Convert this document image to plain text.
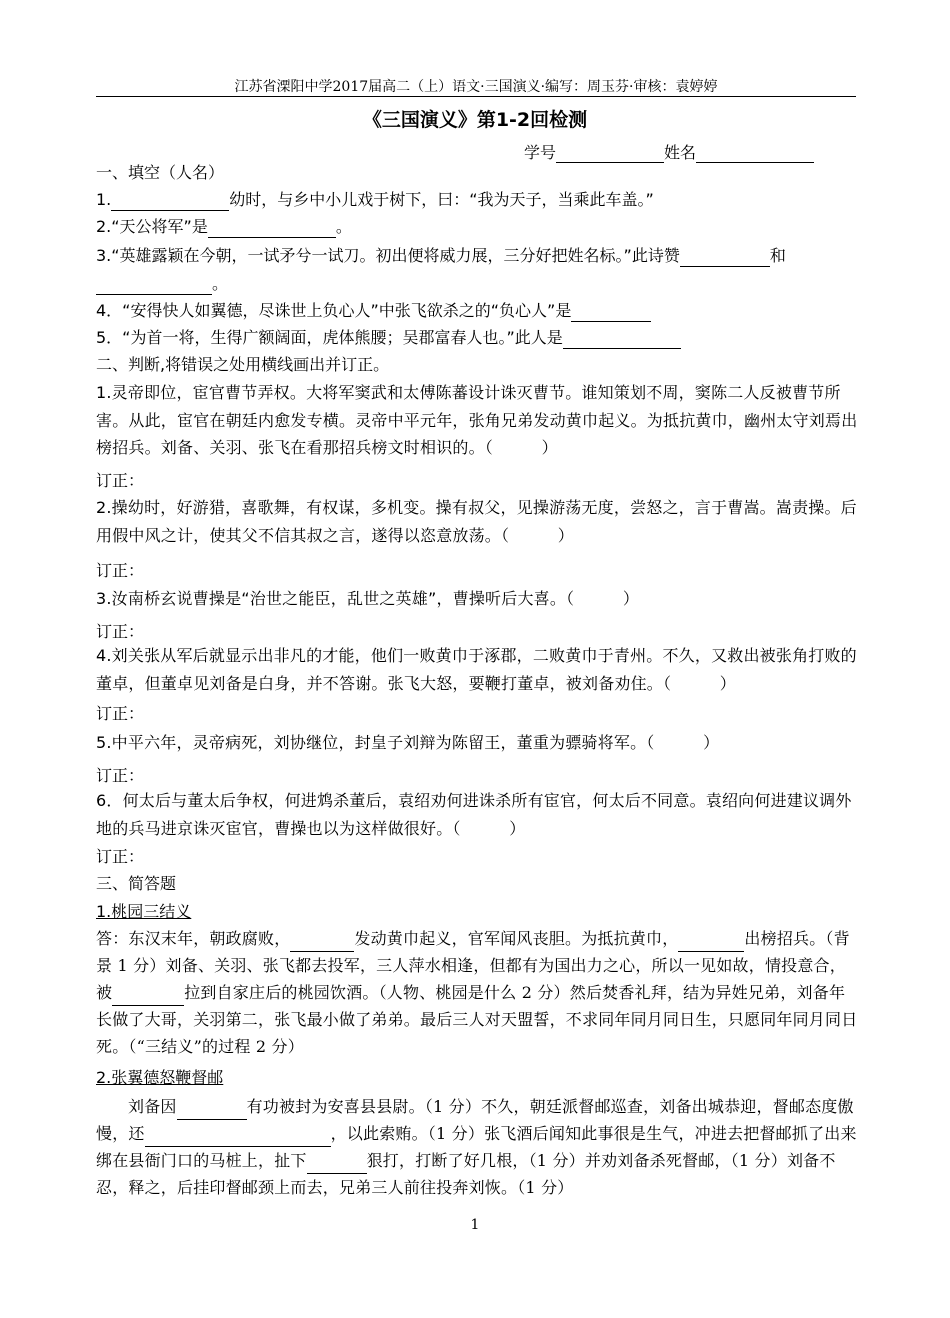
江苏省溧阳中学2017届高二（上）语文·三国演义·编写：周玉芬·审核：袁婷婷
《三国演义》第1-2回检测
学号	姓名
一、填空（人名）
1.	幼时，与乡中小儿戏于树下，曰：“我为天子，当乘此车盖。”
2.“天公将军”是	。
3.“英雄露颖在今朝，一试矛兮一试刀。初出便将威力展，三分好把姓名标。”此诗赞	和
。
4．“安得快人如翼德，尽诛世上负心人”中张飞欲杀之的“负心人”是
5．“为首一将，生得广额阔面，虎体熊腰；吴郡富春人也。”此人是
二、判断,将错误之处用横线画出并订正。
1.灵帝即位，宦官曹节弄权。大将军窦武和太傅陈蕃设计诛灭曹节。谁知策划不周，窦陈二人反被曹节所害。从此，宦官在朝廷内愈发专横。灵帝中平元年，张角兄弟发动黄巾起义。为抵抗黄巾，幽州太守刘焉出榜招兵。刘备、关羽、张飞在看那招兵榜文时相识的。（　　　）
订正：
2.操幼时，好游猎，喜歌舞，有权谋，多机变。操有叔父，见操游荡无度，尝怒之，言于曹嵩。嵩责操。后用假中风之计，使其父不信其叔之言，遂得以恣意放荡。（　　　）
订正：
3.汝南桥玄说曹操是“治世之能臣，乱世之英雄”，曹操听后大喜。（　　　）
订正：
4.刘关张从军后就显示出非凡的才能，他们一败黄巾于涿郡，二败黄巾于青州。不久，又救出被张角打败的董卓，但董卓见刘备是白身，并不答谢。张飞大怒，要鞭打董卓，被刘备劝住。（　　　）
订正：
5.中平六年，灵帝病死，刘协继位，封皇子刘辩为陈留王，董重为骠骑将军。（　　　）
订正：
6．何太后与董太后争权，何进鸩杀董后，袁绍劝何进诛杀所有宦官，何太后不同意。袁绍向何进建议调外地的兵马进京诛灭宦官，曹操也以为这样做很好。（　　　）
订正：
三、简答题
1.桃园三结义
答：东汉末年，朝政腐败，	发动黄巾起义，官军闻风丧胆。为抵抗黄巾，	出榜招兵。（背景 1 分）刘备、关羽、张飞都去投军，三人萍水相逢，但都有为国出力之心，所以一见如故，情投意合，被	拉到自家庄后的桃园饮酒。（人物、桃园是什么 2 分）然后焚香礼拜，结为异姓兄弟，刘备年长做了大哥，关羽第二，张飞最小做了弟弟。最后三人对天盟誓，不求同年同月同日生，只愿同年同月同日死。（“三结义”的过程 2 分）
2.张翼德怒鞭督邮
刘备因	有功被封为安喜县县尉。（1 分）不久，朝廷派督邮巡查，刘备出城恭迎，督邮态度傲慢，还	，以此索贿。（1 分）张飞酒后闻知此事很是生气，冲进去把督邮抓了出来绑在县衙门口的马桩上，扯下	狠打，打断了好几根，（1 分）并劝刘备杀死督邮，（1 分）刘备不忍，释之，后挂印督邮颈上而去，兄弟三人前往投奔刘恢。（1 分）
1
